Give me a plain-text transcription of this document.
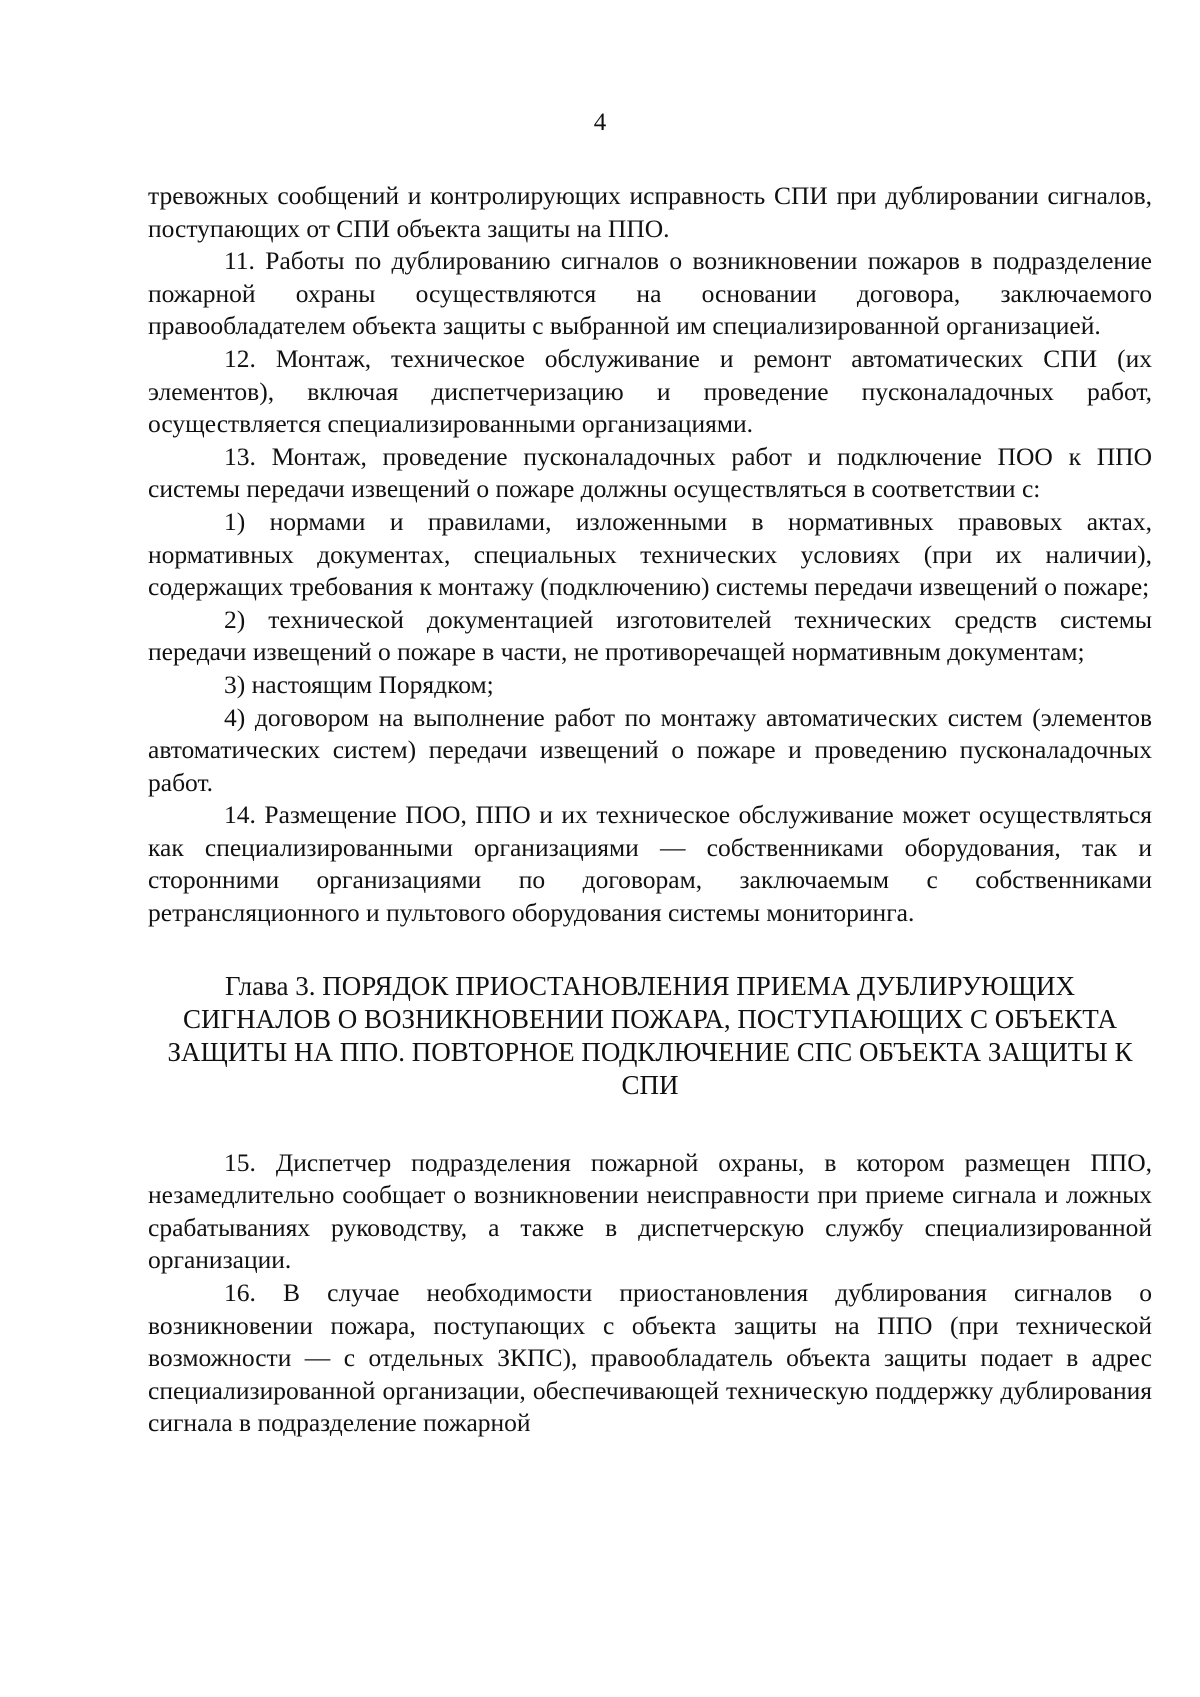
4

тревожных сообщений и контролирующих исправность СПИ при дублировании сигналов, поступающих от СПИ объекта защиты на ППО.

11. Работы по дублированию сигналов о возникновении пожаров в подразделение пожарной охраны осуществляются на основании договора, заключаемого правообладателем объекта защиты с выбранной им специализированной организацией.

12. Монтаж, техническое обслуживание и ремонт автоматических СПИ (их элементов), включая диспетчеризацию и проведение пусконаладочных работ, осуществляется специализированными организациями.

13. Монтаж, проведение пусконаладочных работ и подключение ПОО к ППО системы передачи извещений о пожаре должны осуществляться в соответствии с:

1) нормами и правилами, изложенными в нормативных правовых актах, нормативных документах, специальных технических условиях (при их наличии), содержащих требования к монтажу (подключению) системы передачи извещений о пожаре;

2) технической документацией изготовителей технических средств системы передачи извещений о пожаре в части, не противоречащей нормативным документам;

3) настоящим Порядком;

4) договором на выполнение работ по монтажу автоматических систем (элементов автоматических систем) передачи извещений о пожаре и проведению пусконаладочных работ.

14. Размещение ПОО, ППО и их техническое обслуживание может осуществляться как специализированными организациями — собственниками оборудования, так и сторонними организациями по договорам, заключаемым с собственниками ретрансляционного и пультового оборудования системы мониторинга.

Глава 3. ПОРЯДОК ПРИОСТАНОВЛЕНИЯ ПРИЕМА ДУБЛИРУЮЩИХ СИГНАЛОВ О ВОЗНИКНОВЕНИИ ПОЖАРА, ПОСТУПАЮЩИХ С ОБЪЕКТА ЗАЩИТЫ НА ППО. ПОВТОРНОЕ ПОДКЛЮЧЕНИЕ СПС ОБЪЕКТА ЗАЩИТЫ К СПИ

15. Диспетчер подразделения пожарной охраны, в котором размещен ППО, незамедлительно сообщает о возникновении неисправности при приеме сигнала и ложных срабатываниях руководству, а также в диспетчерскую службу специализированной организации.

16. В случае необходимости приостановления дублирования сигналов о возникновении пожара, поступающих с объекта защиты на ППО (при технической возможности — с отдельных ЗКПС), правообладатель объекта защиты подает в адрес специализированной организации, обеспечивающей техническую поддержку дублирования сигнала в подразделение пожарной
